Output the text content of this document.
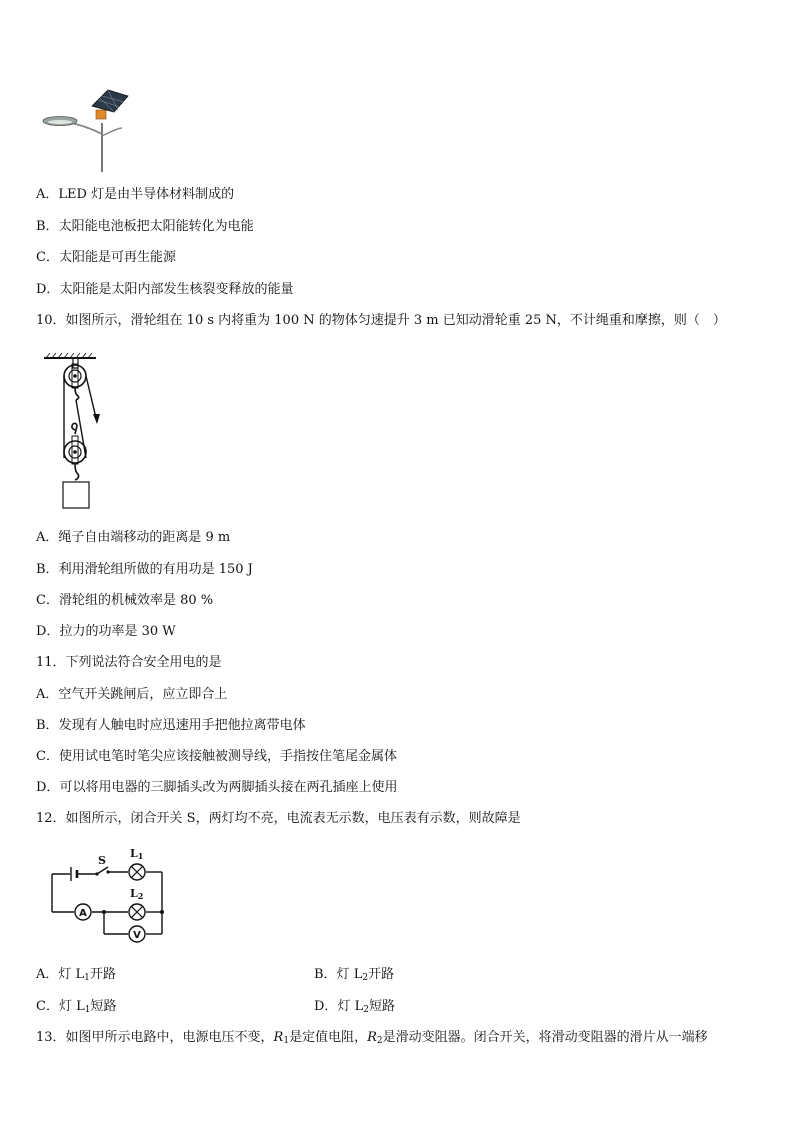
A．LED 灯是由半导体材料制成的
B．太阳能电池板把太阳能转化为电能
C．太阳能是可再生能源
D．太阳能是太阳内部发生核裂变释放的能量
10．如图所示，滑轮组在 10 s 内将重为 100 N 的物体匀速提升 3 m 已知动滑轮重 25 N，不计绳重和摩擦，则（　）
A．绳子自由端移动的距离是 9 m
B．利用滑轮组所做的有用功是 150 J
C．滑轮组的机械效率是 80 %
D．拉力的功率是 30 W
11．下列说法符合安全用电的是
A．空气开关跳闸后，应立即合上
B．发现有人触电时应迅速用手把他拉离带电体
C．使用试电笔时笔尖应该接触被测导线，手指按住笔尾金属体
D．可以将用电器的三脚插头改为两脚插头接在两孔插座上使用
12．如图所示，闭合开关 S，两灯均不亮，电流表无示数，电压表有示数，则故障是
S
L1
L2
A
V
A．灯 $L_1$开路	B．灯 $L_2$开路
C．灯 $L_1$短路	D．灯 $L_2$短路
13．如图甲所示电路中，电源电压不变，$R_1$是定值电阻，$R_2$是滑动变阻器。闭合开关，将滑动变阻器的滑片从一端移
